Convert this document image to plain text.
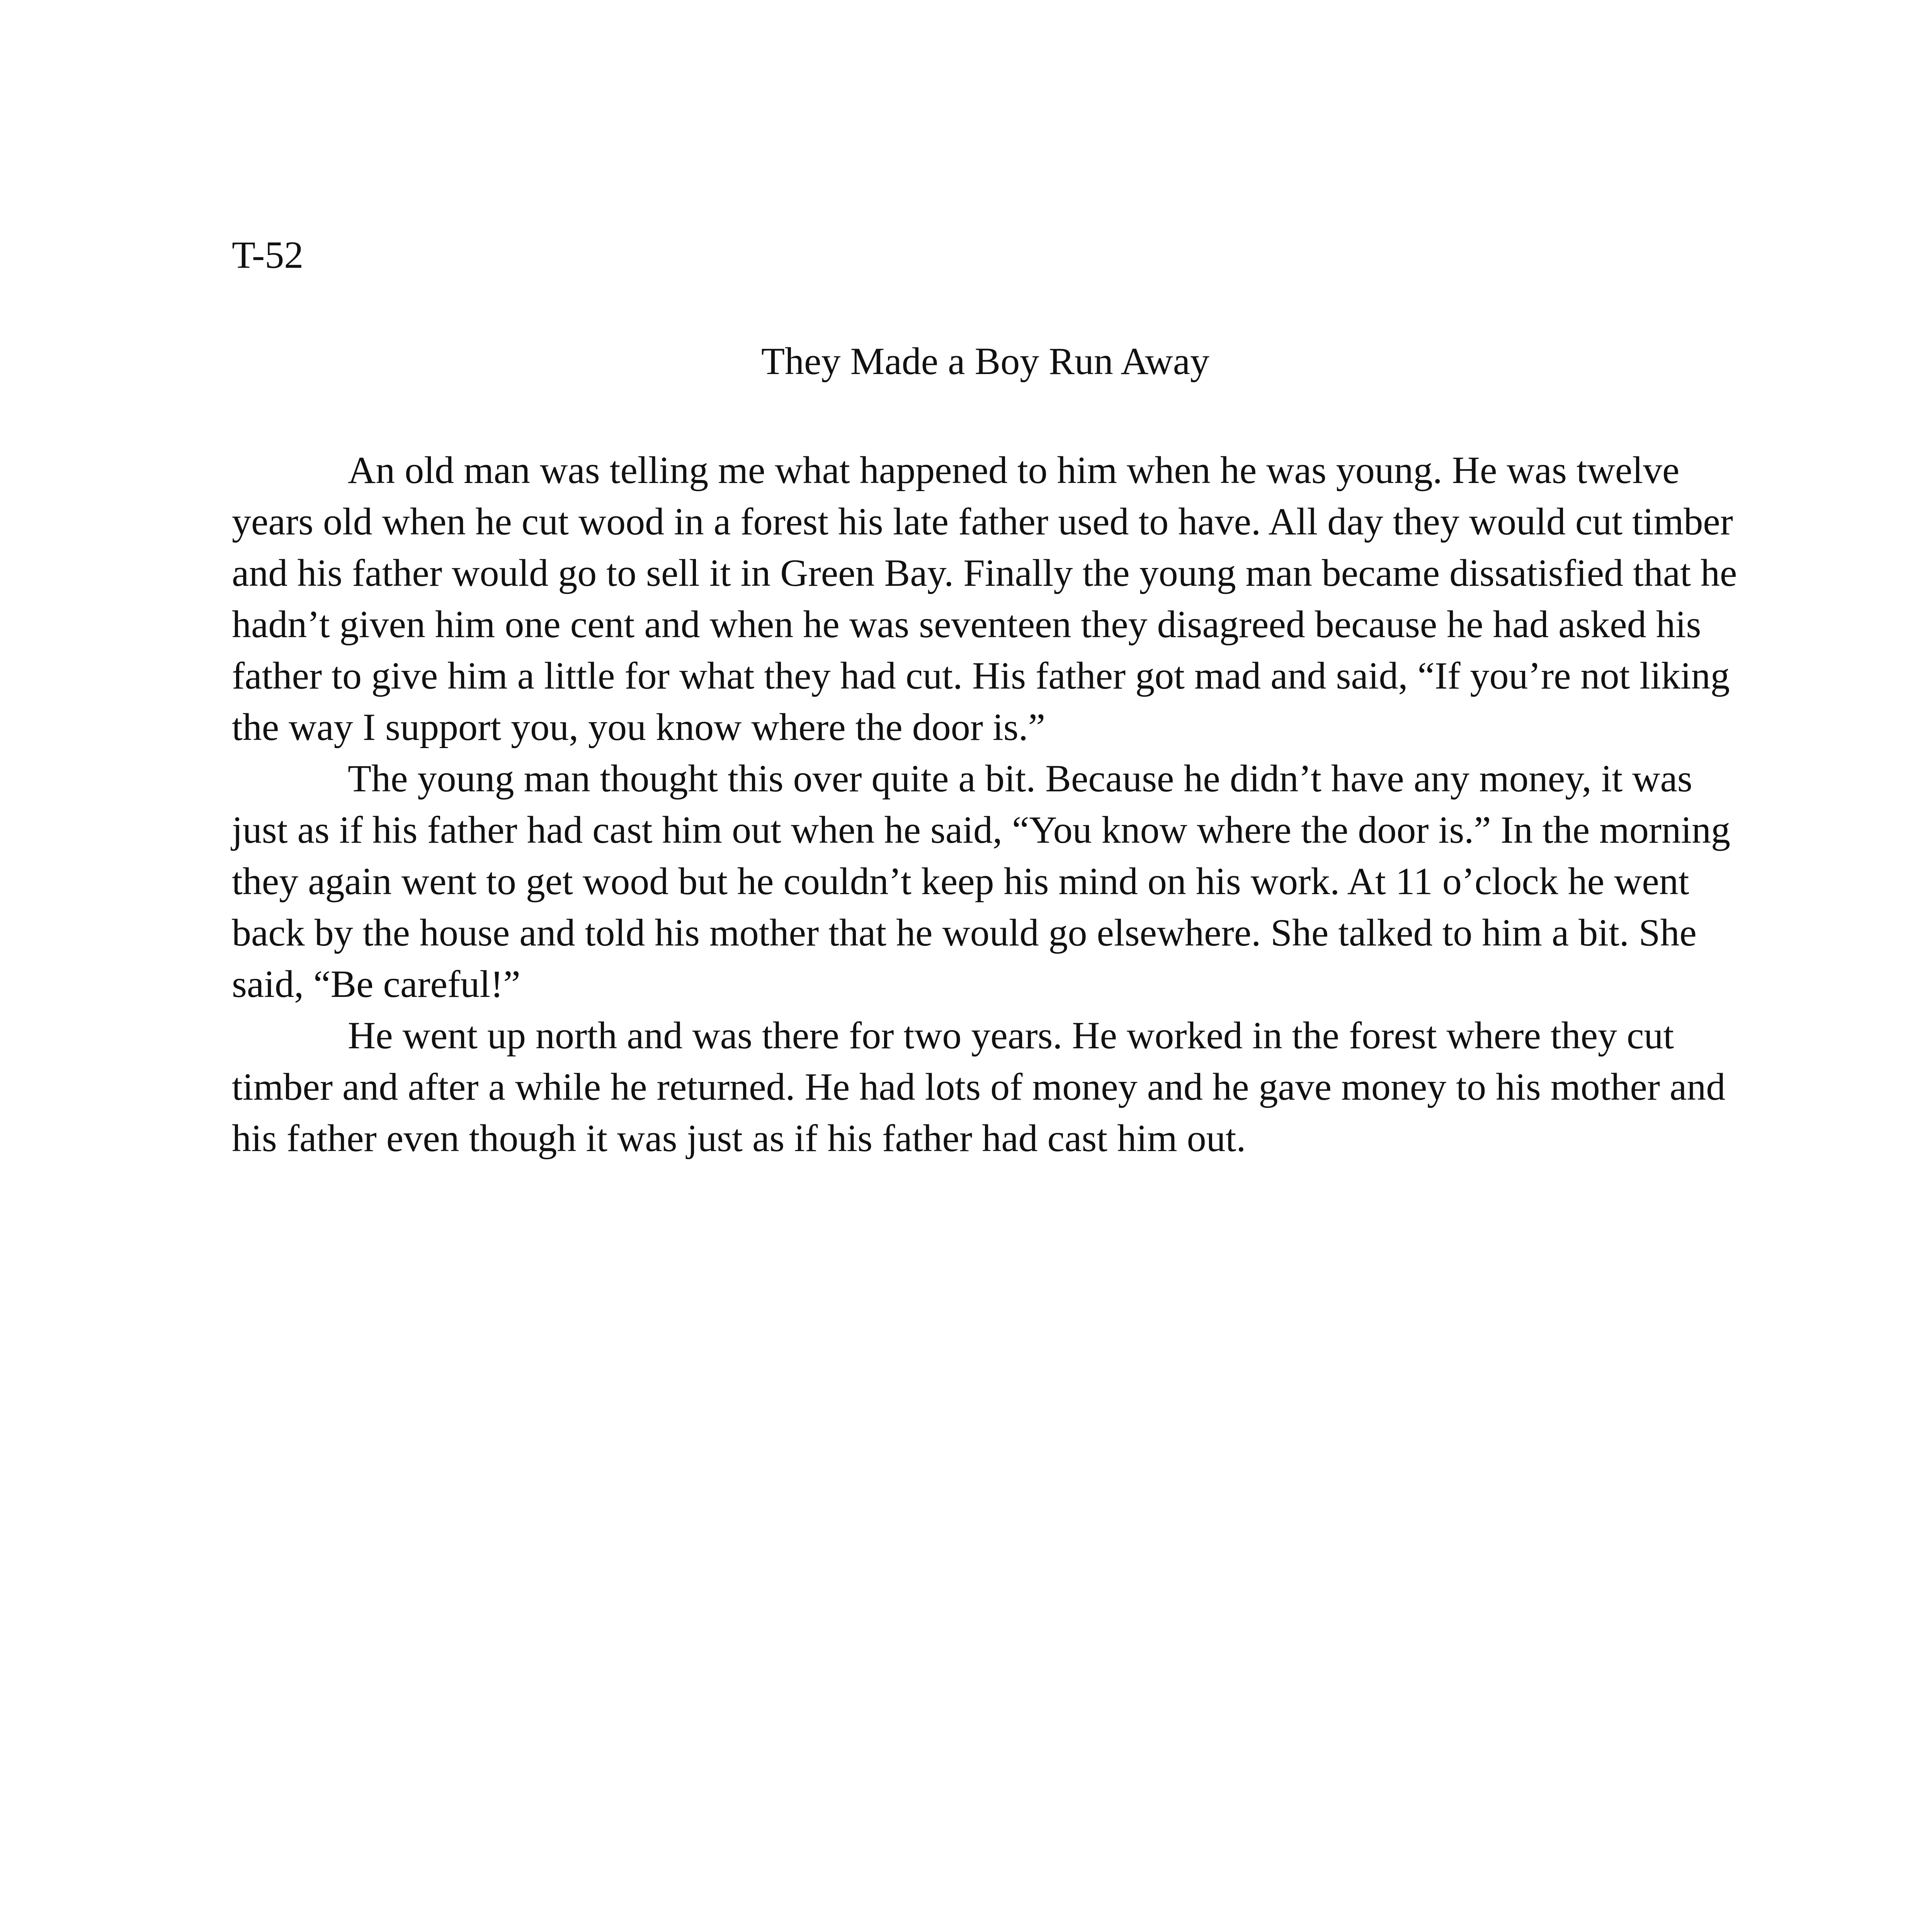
T-52
They Made a Boy Run Away

An old man was telling me what happened to him when he was young. He was twelve years old when he cut wood in a forest his late father used to have. All day they would cut timber and his father would go to sell it in Green Bay. Finally the young man became dissatisfied that he hadn’t given him one cent and when he was seventeen they disagreed because he had asked his father to give him a little for what they had cut. His father got mad and said, “If you’re not liking the way I support you, you know where the door is.”

The young man thought this over quite a bit. Because he didn’t have any money, it was just as if his father had cast him out when he said, “You know where the door is.” In the morning they again went to get wood but he couldn’t keep his mind on his work. At 11 o’clock he went back by the house and told his mother that he would go elsewhere. She talked to him a bit. She said, “Be careful!”

He went up north and was there for two years. He worked in the forest where they cut timber and after a while he returned. He had lots of money and he gave money to his mother and his father even though it was just as if his father had cast him out.
